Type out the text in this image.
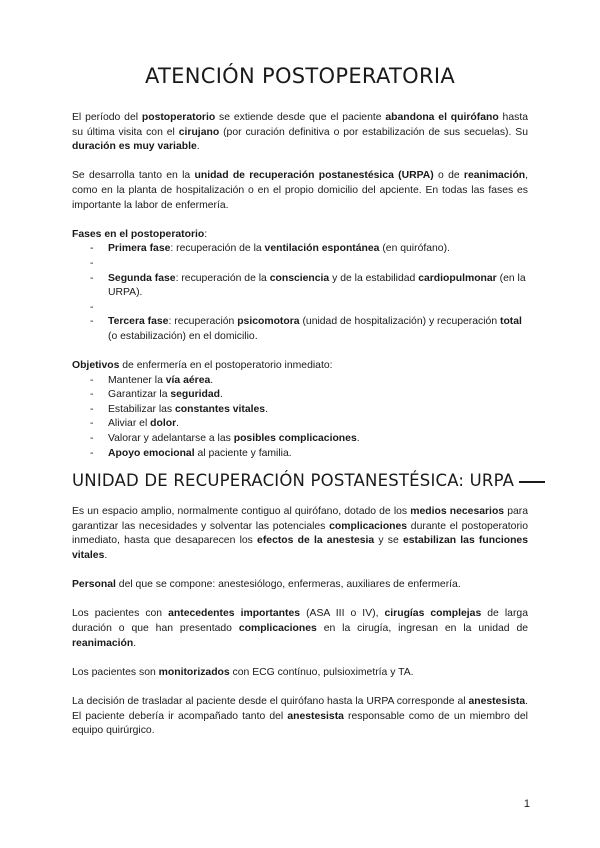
ATENCIÓN POSTOPERATORIA

El período del postoperatorio se extiende desde que el paciente abandona el quirófano hasta su última visita con el cirujano (por curación definitiva o por estabilización de sus secuelas). Su duración es muy variable.

Se desarrolla tanto en la unidad de recuperación postanestésica (URPA) o de reanimación, como en la planta de hospitalización o en el propio domicilio del apciente. En todas las fases es importante la labor de enfermería.

Fases en el postoperatorio:

- Primera fase: recuperación de la ventilación espontánea (en quirófano).
-
- Segunda fase: recuperación de la consciencia y de la estabilidad cardiopulmonar (en la URPA).
-
- Tercera fase: recuperación psicomotora (unidad de hospitalización) y recuperación total (o estabilización) en el domicilio.

Objetivos de enfermería en el postoperatorio inmediato:

- Mantener la vía aérea.
- Garantizar la seguridad.
- Estabilizar las constantes vitales.
- Aliviar el dolor.
- Valorar y adelantarse a las posibles complicaciones.
- Apoyo emocional al paciente y familia.
UNIDAD DE RECUPERACIÓN POSTANESTÉSICA: URPA

Es un espacio amplio, normalmente contiguo al quirófano, dotado de los medios necesarios para garantizar las necesidades y solventar las potenciales complicaciones durante el postoperatorio inmediato, hasta que desaparecen los efectos de la anestesia y se estabilizan las funciones vitales.

Personal del que se compone: anestesiólogo, enfermeras, auxiliares de enfermería.

Los pacientes con antecedentes importantes (ASA III o IV), cirugías complejas de larga duración o que han presentado complicaciones en la cirugía, ingresan en la unidad de reanimación.

Los pacientes son monitorizados con ECG contínuo, pulsioximetría y TA.

La decisión de trasladar al paciente desde el quirófano hasta la URPA corresponde al anestesista. El paciente debería ir acompañado tanto del anestesista responsable como de un miembro del equipo quirúrgico.

1
